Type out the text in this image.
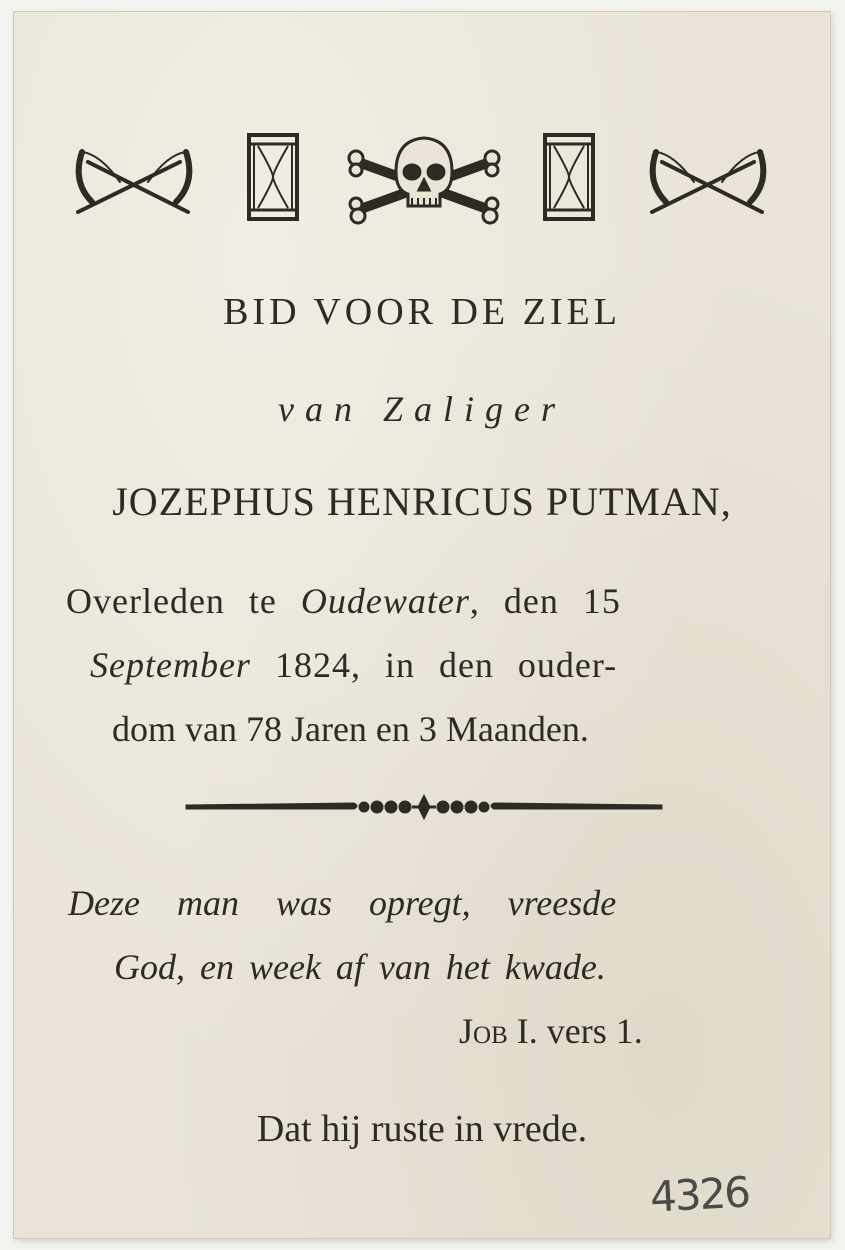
BID VOOR DE ZIEL
van Zaliger
JOZEPHUS HENRICUS PUTMAN,
Overleden te Oudewater, den 15
September 1824, in den ouder-
dom van 78 Jaren en 3 Maanden.
Deze man was opregt, vreesde
God, en week af van het kwade.
Job I. vers 1.
Dat hij ruste in vrede.
4326
